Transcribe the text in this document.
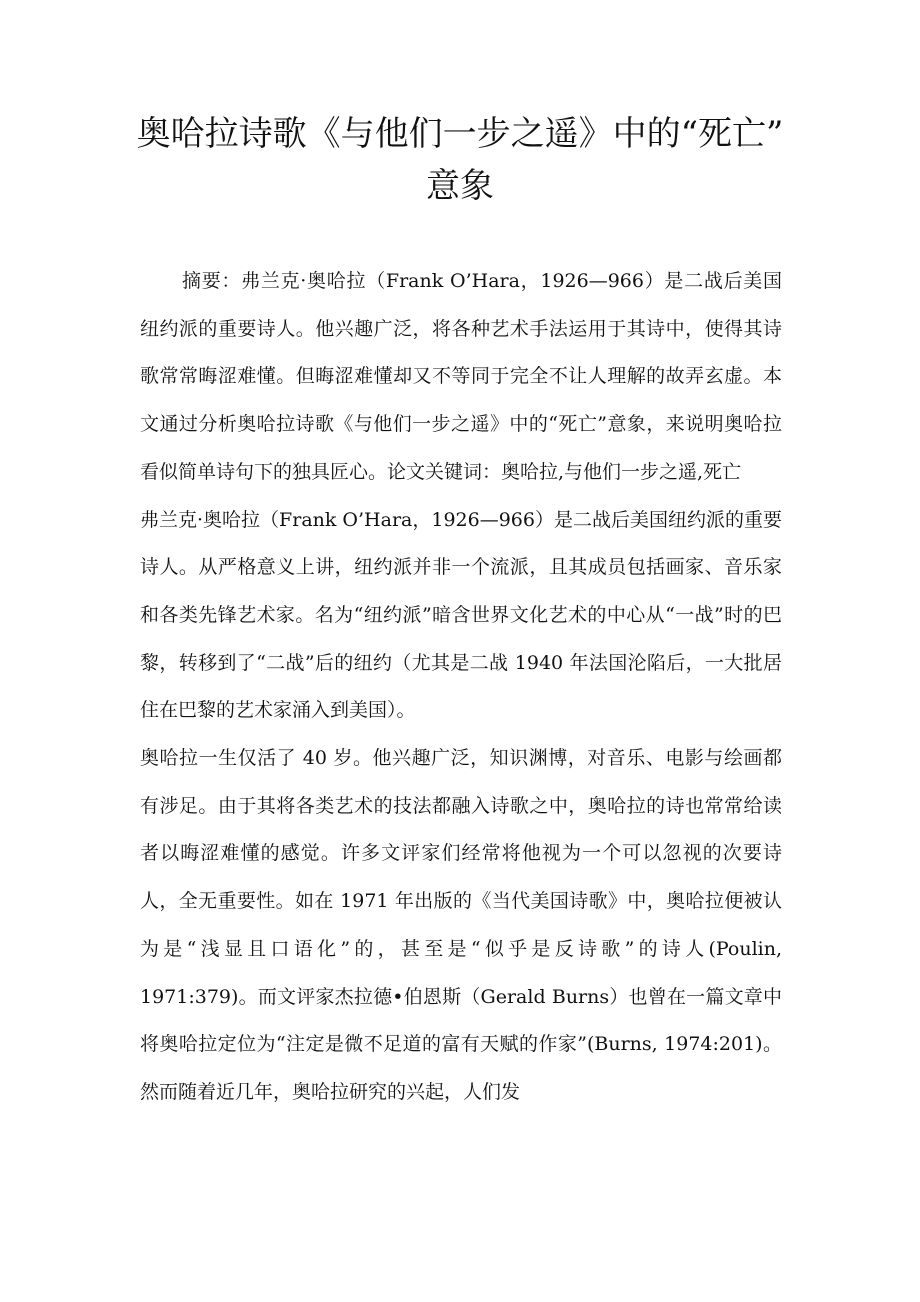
奥哈拉诗歌《与他们一步之遥》中的“死亡”
意象

摘要：弗兰克·奥哈拉（Frank O’Hara，1926—966）是二战后美国纽约派的重要诗人。他兴趣广泛，将各种艺术手法运用于其诗中，使得其诗歌常常晦涩难懂。但晦涩难懂却又不等同于完全不让人理解的故弄玄虚。本文通过分析奥哈拉诗歌《与他们一步之遥》中的“死亡”意象，来说明奥哈拉看似简单诗句下的独具匠心。论文关键词：奥哈拉,与他们一步之遥,死亡

弗兰克·奥哈拉（Frank O’Hara，1926—966）是二战后美国纽约派的重要诗人。从严格意义上讲，纽约派并非一个流派，且其成员包括画家、音乐家和各类先锋艺术家。名为“纽约派”暗含世界文化艺术的中心从“一战”时的巴黎，转移到了“二战”后的纽约（尤其是二战 1940 年法国沦陷后，一大批居住在巴黎的艺术家涌入到美国）。

奥哈拉一生仅活了 40 岁。他兴趣广泛，知识渊博，对音乐、电影与绘画都有涉足。由于其将各类艺术的技法都融入诗歌之中，奥哈拉的诗也常常给读者以晦涩难懂的感觉。许多文评家们经常将他视为一个可以忽视的次要诗人，全无重要性。如在 1971 年出版的《当代美国诗歌》中，奥哈拉便被认为是“浅显且口语化”的，甚至是“似乎是反诗歌”的诗人(Poulin, 1971:379)。而文评家杰拉德•伯恩斯（Gerald Burns）也曾在一篇文章中将奥哈拉定位为“注定是微不足道的富有天赋的作家”(Burns, 1974:201)。然而随着近几年，奥哈拉研究的兴起，人们发
